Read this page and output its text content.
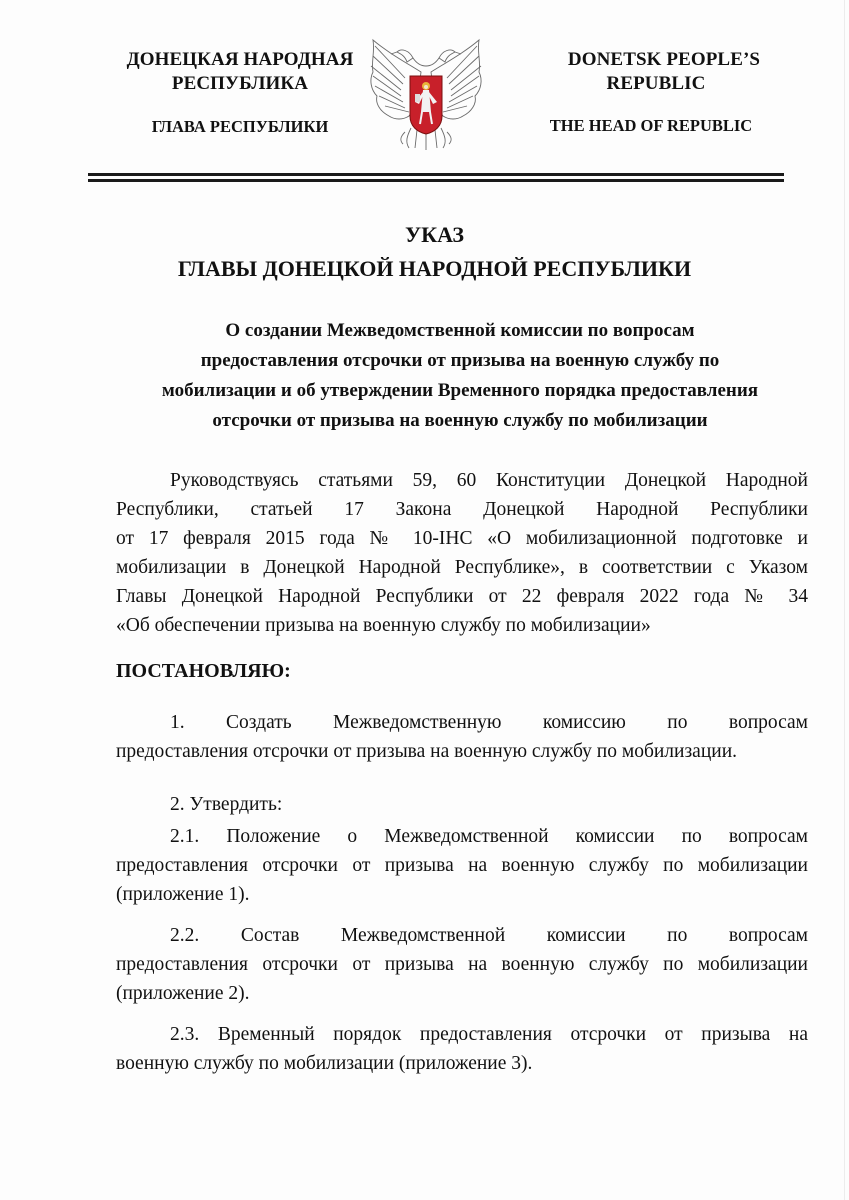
ДОНЕЦКАЯ НАРОДНАЯ
РЕСПУБЛИКА
ГЛАВА РЕСПУБЛИКИ
DONETSK PEOPLE’S
REPUBLIC
THE HEAD OF REPUBLIC
УКАЗ
ГЛАВЫ ДОНЕЦКОЙ НАРОДНОЙ РЕСПУБЛИКИ
О создании Межведомственной комиссии по вопросам
предоставления отсрочки от призыва на военную службу по
мобилизации и об утверждении Временного порядка предоставления
отсрочки от призыва на военную службу по мобилизации
Руководствуясь статьями 59, 60 Конституции Донецкой Народной
Республики, статьей 17 Закона Донецкой Народной Республики
от 17 февраля 2015 года № 10-IHC «О мобилизационной подготовке и
мобилизации в Донецкой Народной Республике», в соответствии с Указом
Главы Донецкой Народной Республики от 22 февраля 2022 года № 34
«Об обеспечении призыва на военную службу по мобилизации»
ПОСТАНОВЛЯЮ:
1. Создать Межведомственную комиссию по вопросам
предоставления отсрочки от призыва на военную службу по мобилизации.
2. Утвердить:
2.1. Положение о Межведомственной комиссии по вопросам
предоставления отсрочки от призыва на военную службу по мобилизации
(приложение 1).
2.2. Состав Межведомственной комиссии по вопросам
предоставления отсрочки от призыва на военную службу по мобилизации
(приложение 2).
2.3. Временный порядок предоставления отсрочки от призыва на
военную службу по мобилизации (приложение 3).
